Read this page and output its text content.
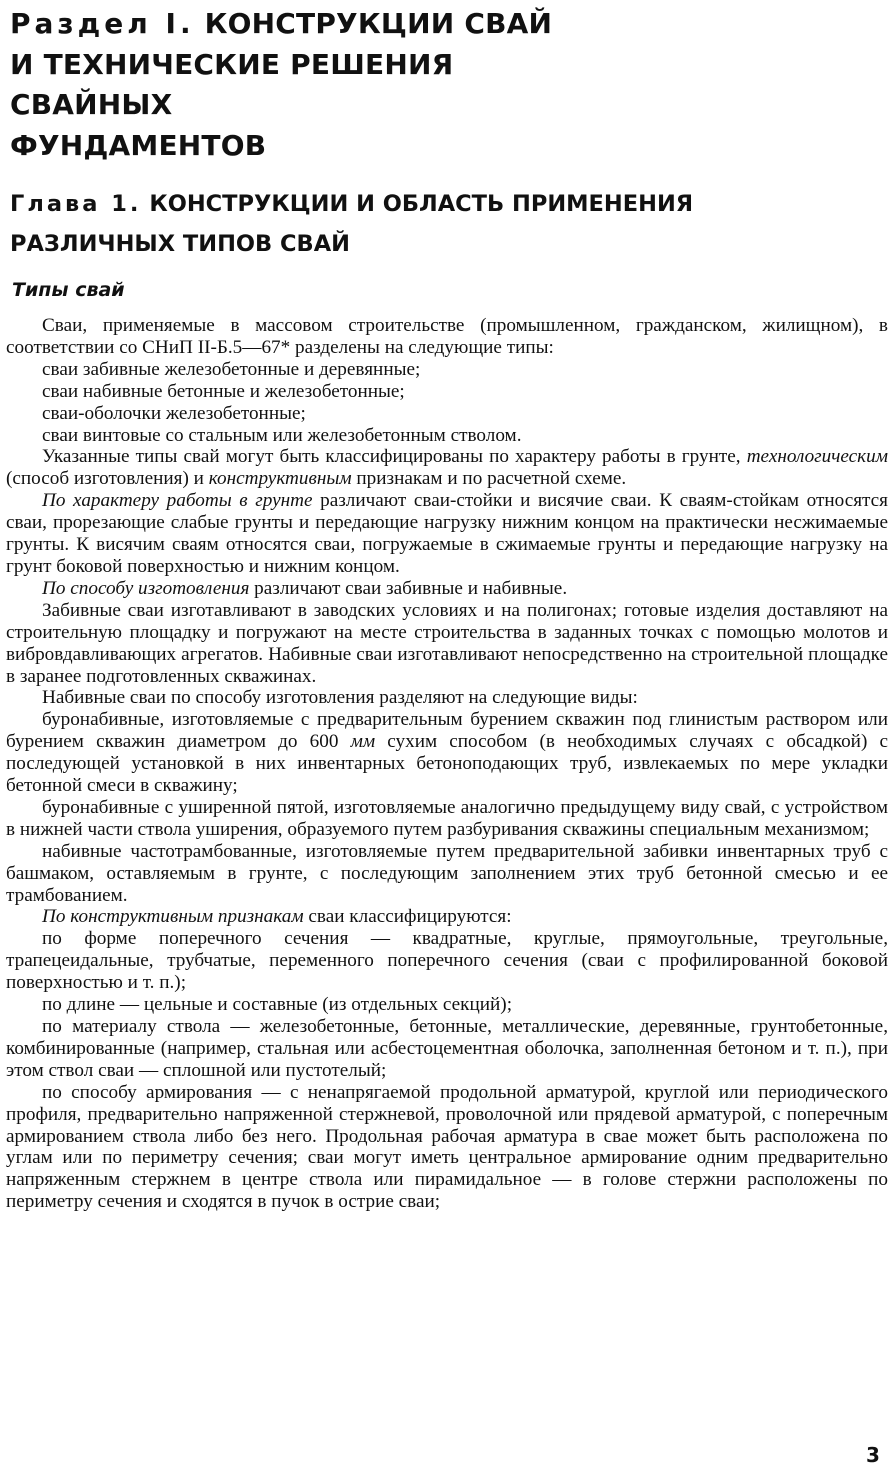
Раздел I. КОНСТРУКЦИИ СВАЙ
И ТЕХНИЧЕСКИЕ РЕШЕНИЯ
СВАЙНЫХ
ФУНДАМЕНТОВ
Глава 1. КОНСТРУКЦИИ И ОБЛАСТЬ ПРИМЕНЕНИЯ
РАЗЛИЧНЫХ ТИПОВ СВАЙ
Типы свай
Сваи, применяемые в массовом строительстве (промышленном, гражданском, жилищном), в соответствии со СНиП II-Б.5—67* разделены на следующие типы:
сваи забивные железобетонные и деревянные;
сваи набивные бетонные и железобетонные;
сваи-оболочки железобетонные;
сваи винтовые со стальным или железобетонным стволом.
Указанные типы свай могут быть классифицированы по характеру работы в грунте, технологическим (способ изготовления) и конструктивным признакам и по расчетной схеме.
По характеру работы в грунте различают сваи-стойки и висячие сваи. К сваям-стойкам относятся сваи, прорезающие слабые грунты и передающие нагрузку нижним концом на практически несжимаемые грунты. К висячим сваям относятся сваи, погружаемые в сжимаемые грунты и передающие нагрузку на грунт боковой поверхностью и нижним концом.
По способу изготовления различают сваи забивные и набивные.
Забивные сваи изготавливают в заводских условиях и на полигонах; готовые изделия доставляют на строительную площадку и погружают на месте строительства в заданных точках с помощью молотов и вибровдавливающих агрегатов. Набивные сваи изготавливают непосредственно на строительной площадке в заранее подготовленных скважинах.
Набивные сваи по способу изготовления разделяют на следующие виды:
буронабивные, изготовляемые с предварительным бурением скважин под глинистым раствором или бурением скважин диаметром до 600 мм сухим способом (в необходимых случаях с обсадкой) с последующей установкой в них инвентарных бетоноподающих труб, извлекаемых по мере укладки бетонной смеси в скважину;
буронабивные с уширенной пятой, изготовляемые аналогично предыдущему виду свай, с устройством в нижней части ствола уширения, образуемого путем разбуривания скважины специальным механизмом;
набивные частотрамбованные, изготовляемые путем предварительной забивки инвентарных труб с башмаком, оставляемым в грунте, с последующим заполнением этих труб бетонной смесью и ее трамбованием.
По конструктивным признакам сваи классифицируются:
по форме поперечного сечения — квадратные, круглые, прямоугольные, треугольные, трапецеидальные, трубчатые, переменного поперечного сечения (сваи с профилированной боковой поверхностью и т. п.);
по длине — цельные и составные (из отдельных секций);
по материалу ствола — железобетонные, бетонные, металлические, деревянные, грунтобетонные, комбинированные (например, стальная или асбестоцементная оболочка, заполненная бетоном и т. п.), при этом ствол сваи — сплошной или пустотелый;
по способу армирования — с ненапрягаемой продольной арматурой, круглой или периодического профиля, предварительно напряженной стержневой, проволочной или прядевой арматурой, с поперечным армированием ствола либо без него. Продольная рабочая арматура в свае может быть расположена по углам или по периметру сечения; сваи могут иметь центральное армирование одним предварительно напряженным стержнем в центре ствола или пирамидальное — в голове стержни расположены по периметру сечения и сходятся в пучок в острие сваи;
3
